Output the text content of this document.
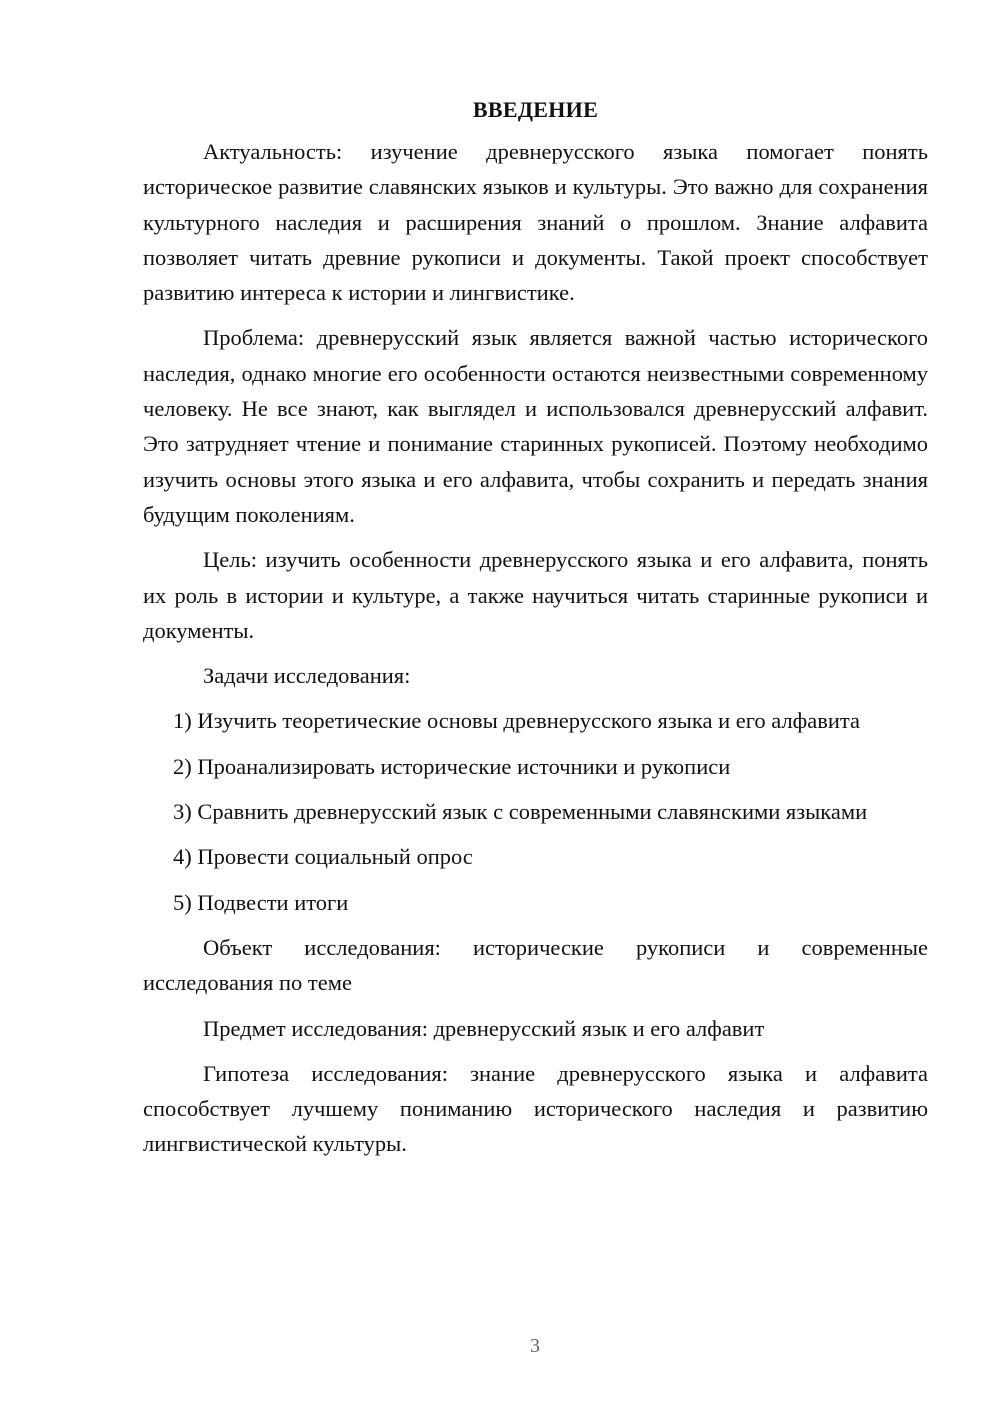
ВВЕДЕНИЕ

Актуальность: изучение древнерусского языка помогает понять историческое развитие славянских языков и культуры. Это важно для сохранения культурного наследия и расширения знаний о прошлом. Знание алфавита позволяет читать древние рукописи и документы. Такой проект способствует развитию интереса к истории и лингвистике.

Проблема: древнерусский язык является важной частью исторического наследия, однако многие его особенности остаются неизвестными современному человеку. Не все знают, как выглядел и использовался древнерусский алфавит. Это затрудняет чтение и понимание старинных рукописей. Поэтому необходимо изучить основы этого языка и его алфавита, чтобы сохранить и передать знания будущим поколениям.

Цель: изучить особенности древнерусского языка и его алфавита, понять их роль в истории и культуре, а также научиться читать старинные рукописи и документы.

Задачи исследования:

1) Изучить теоретические основы древнерусского языка и его алфавита

2) Проанализировать исторические источники и рукописи

3) Сравнить древнерусский язык с современными славянскими языками

4) Провести социальный опрос

5) Подвести итоги

Объект исследования: исторические рукописи и современные исследования по теме

Предмет исследования: древнерусский язык и его алфавит

Гипотеза исследования: знание древнерусского языка и алфавита способствует лучшему пониманию исторического наследия и развитию лингвистической культуры.

3
